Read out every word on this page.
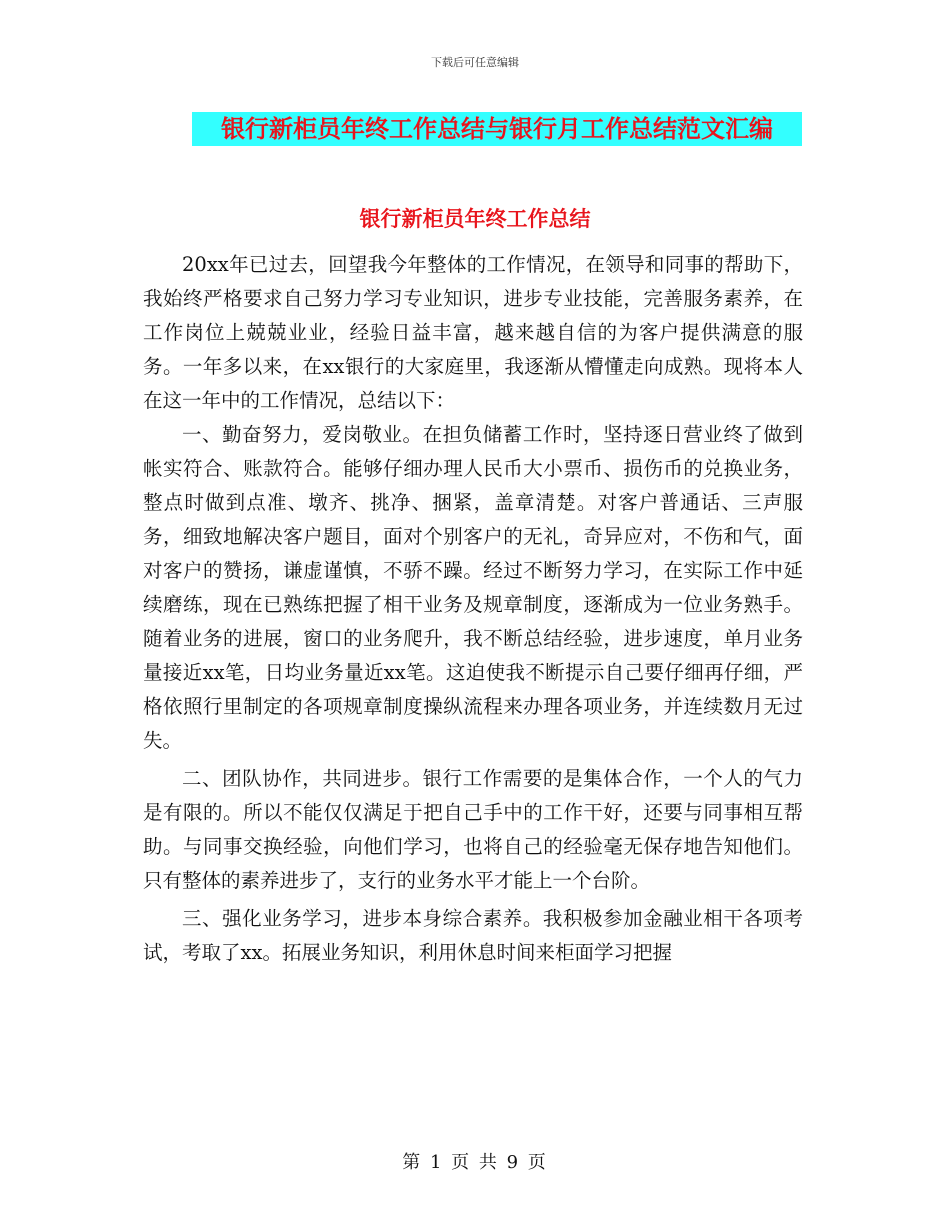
下载后可任意编辑
银行新柜员年终工作总结与银行月工作总结范文汇编
银行新柜员年终工作总结

20xx年已过去，回望我今年整体的工作情况，在领导和同事的帮助下，我始终严格要求自己努力学习专业知识，进步专业技能，完善服务素养，在工作岗位上兢兢业业，经验日益丰富，越来越自信的为客户提供满意的服务。一年多以来，在xx银行的大家庭里，我逐渐从懵懂走向成熟。现将本人在这一年中的工作情况，总结以下：

一、勤奋努力，爱岗敬业。在担负储蓄工作时，坚持逐日营业终了做到帐实符合、账款符合。能够仔细办理人民币大小票币、损伤币的兑换业务，整点时做到点准、墩齐、挑净、捆紧，盖章清楚。对客户普通话、三声服务，细致地解决客户题目，面对个别客户的无礼，奇异应对，不伤和气，面对客户的赞扬，谦虚谨慎，不骄不躁。经过不断努力学习，在实际工作中延续磨练，现在已熟练把握了相干业务及规章制度，逐渐成为一位业务熟手。随着业务的进展，窗口的业务爬升，我不断总结经验，进步速度，单月业务量接近xx笔，日均业务量近xx笔。这迫使我不断提示自己要仔细再仔细，严格依照行里制定的各项规章制度操纵流程来办理各项业务，并连续数月无过失。

二、团队协作，共同进步。银行工作需要的是集体合作，一个人的气力是有限的。所以不能仅仅满足于把自己手中的工作干好，还要与同事相互帮助。与同事交换经验，向他们学习，也将自己的经验毫无保存地告知他们。只有整体的素养进步了，支行的业务水平才能上一个台阶。

三、强化业务学习，进步本身综合素养。我积极参加金融业相干各项考试，考取了xx。拓展业务知识，利用休息时间来柜面学习把握

第 1 页 共 9 页
